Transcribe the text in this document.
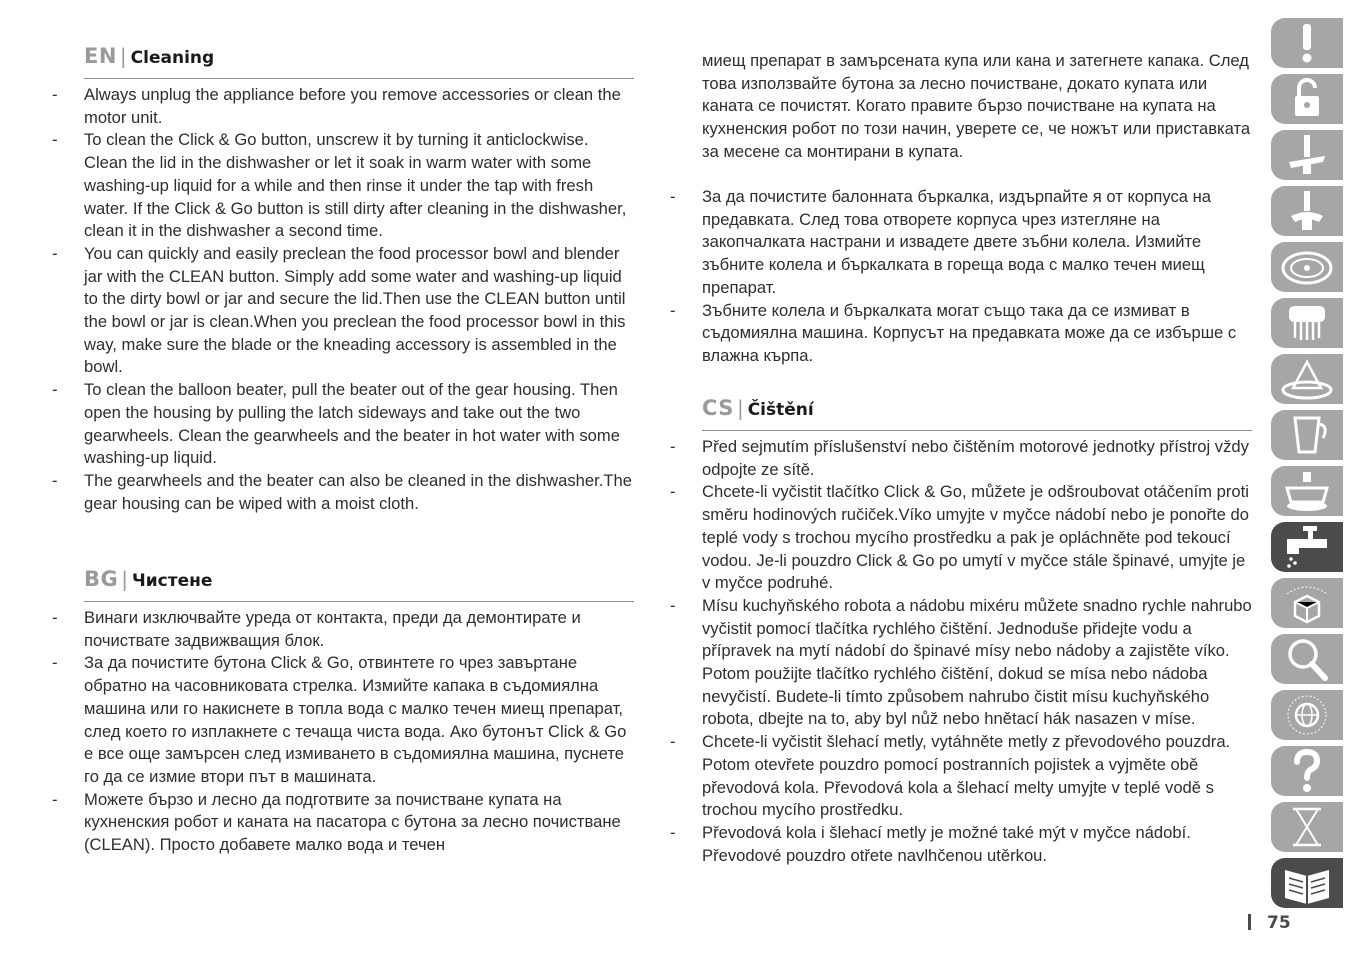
EN | Cleaning
-	Always unplug the appliance before you remove accessories or clean the motor unit.
-	To clean the Click & Go button, unscrew it by turning it anticlockwise. Clean the lid in the dishwasher or let it soak in warm water with some washing-up liquid for a while and then rinse it under the tap with fresh water. If the Click & Go button is still dirty after cleaning in the dishwasher, clean it in the dishwasher a second time.
-	You can quickly and easily preclean the food processor bowl and blender jar with the CLEAN button. Simply add some water and washing-up liquid to the dirty bowl or jar and secure the lid.Then use the CLEAN button until the bowl or jar is clean.When you preclean the food processor bowl in this way, make sure the blade or the kneading accessory is assembled in the bowl.
-	To clean the balloon beater, pull the beater out of the gear housing. Then open the housing by pulling the latch sideways and take out the two gearwheels. Clean the gearwheels and the beater in hot water with some washing-up liquid.
-	The gearwheels and the beater can also be cleaned in the dishwasher.The gear housing can be wiped with a moist cloth.
BG | Чистене
-	Винаги изключвайте уреда от контакта, преди да демонтирате и почиствате задвижващия блок.
-	За да почистите бутона Click & Go, отвинтете го чрез завъртане обратно на часовниковата стрелка. Измийте капака в съдомиялна машина или го накиснете в топла вода с малко течен миещ препарат, след което го изплакнете с течаща чиста вода. Ако бутонът Click & Go е все още замърсен след измиването в съдомиялна машина, пуснете го да се измие втори път в машината.
-	Можете бързо и лесно да подготвите за почистване купата на кухненския робот и каната на пасатора с бутона за лесно почистване (CLEAN). Просто добавете малко вода и течен
миещ препарат в замърсената купа или кана и затегнете капака. След това използвайте бутона за лесно почистване, докато купата или каната се почистят. Когато правите бързо почистване на купата на кухненския робот по този начин, уверете се, че ножът или приставката за месене са монтирани в купата.
-	За да почистите балонната бъркалка, издърпайте я от корпуса на предавката. След това отворете корпуса чрез изтегляне на закопчалката настрани и извадете двете зъбни колела. Измийте зъбните колела и бъркалката в гореща вода с малко течен миещ препарат.
-	Зъбните колела и бъркалката могат също така да се измиват в съдомиялна машина. Корпусът на предавката може да се избърше с влажна кърпа.
CS | Čištění
-	Před sejmutím příslušenství nebo čištěním motorové jednotky přístroj vždy odpojte ze sítě.
-	Chcete-li vyčistit tlačítko Click & Go, můžete je odšroubovat otáčením proti směru hodinových ručiček.Víko umyjte v myčce nádobí nebo je ponořte do teplé vody s trochou mycího prostředku a pak je opláchněte pod tekoucí vodou. Je-li pouzdro Click & Go po umytí v myčce stále špinavé, umyjte je v myčce podruhé.
-	Mísu kuchyňského robota a nádobu mixéru můžete snadno rychle nahrubo vyčistit pomocí tlačítka rychlého čištění. Jednoduše přidejte vodu a přípravek na mytí nádobí do špinavé mísy nebo nádoby a zajistěte víko. Potom použijte tlačítko rychlého čištění, dokud se mísa nebo nádoba nevyčistí. Budete-li tímto způsobem nahrubo čistit mísu kuchyňského robota, dbejte na to, aby byl nůž nebo hnětací hák nasazen v míse.
-	Chcete-li vyčistit šlehací metly, vytáhněte metly z převodového pouzdra. Potom otevřete pouzdro pomocí postranních pojistek a vyjměte obě převodová kola. Převodová kola a šlehací melty umyjte v teplé vodě s trochou mycího prostředku.
-	Převodová kola i šlehací metly je možné také mýt v myčce nádobí. Převodové pouzdro otřete navlhčenou utěrkou.
75
